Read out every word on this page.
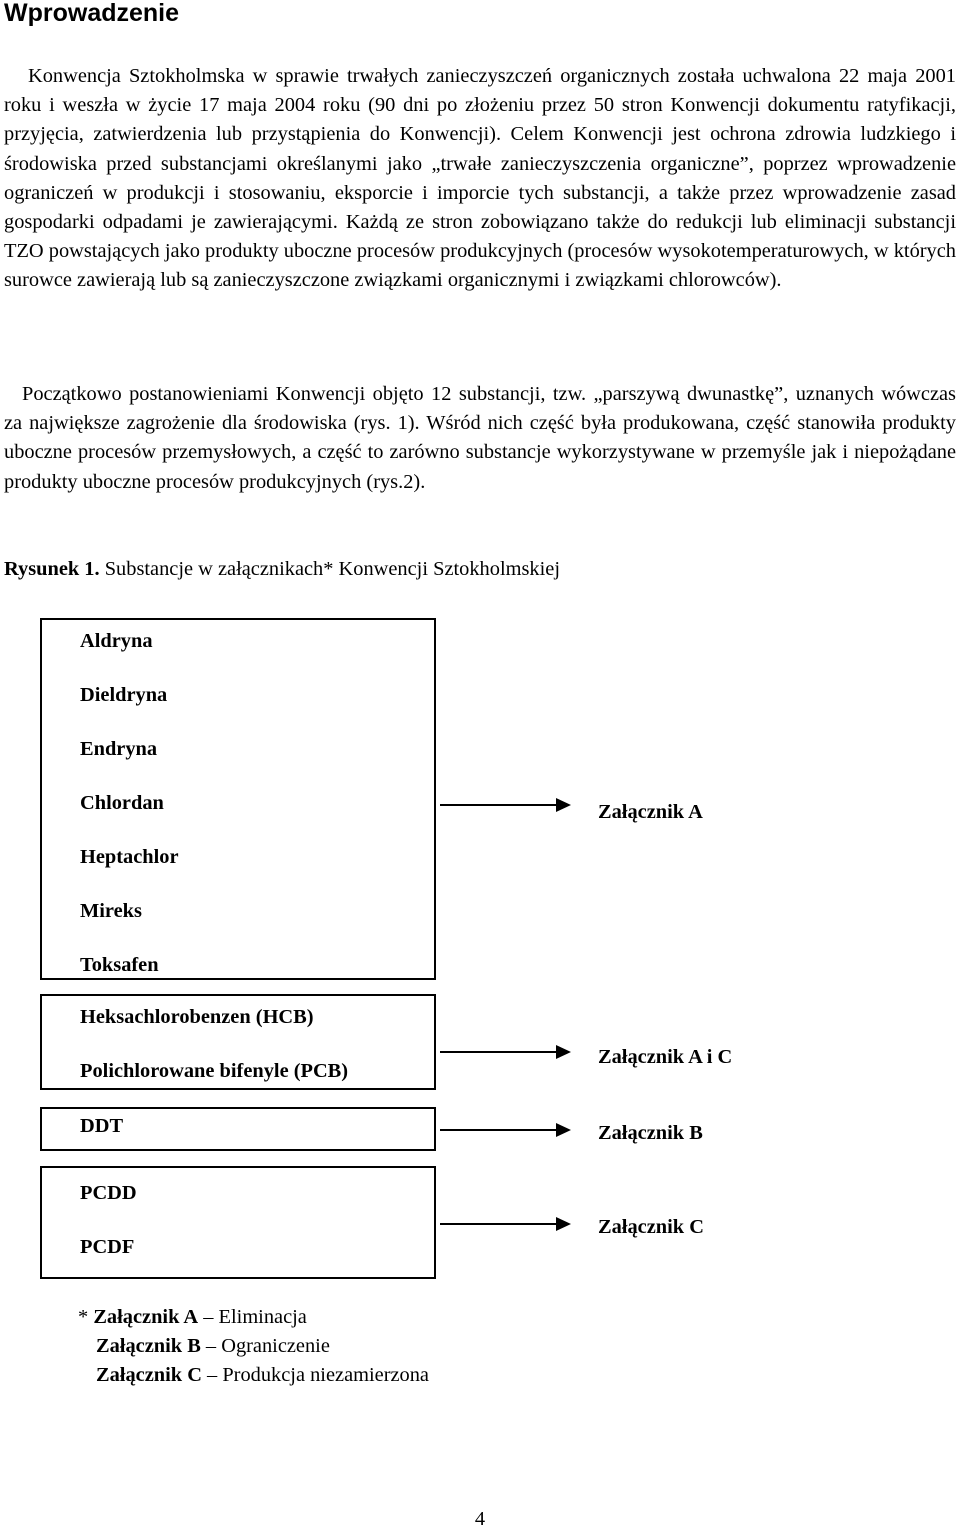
Wprowadzenie

Konwencja Sztokholmska w sprawie trwałych zanieczyszczeń organicznych została uchwalona 22 maja 2001 roku i weszła w życie 17 maja 2004 roku (90 dni po złożeniu przez 50 stron Konwencji dokumentu ratyfikacji, przyjęcia, zatwierdzenia lub przystąpienia do Konwencji). Celem Konwencji jest ochrona zdrowia ludzkiego i środowiska przed substancjami określanymi jako „trwałe zanieczyszczenia organiczne”, poprzez wprowadzenie ograniczeń w produkcji i stosowaniu, eksporcie i imporcie tych substancji, a także przez wprowadzenie zasad gospodarki odpadami je zawierającymi. Każdą ze stron zobowiązano także do redukcji lub eliminacji substancji TZO powstających jako produkty uboczne procesów produkcyjnych (procesów wysokotemperaturowych, w których surowce zawierają lub są zanieczyszczone związkami organicznymi i związkami chlorowców).

Początkowo postanowieniami Konwencji objęto 12 substancji, tzw. „parszywą dwunastkę”, uznanych wówczas za największe zagrożenie dla środowiska (rys. 1). Wśród nich część była produkowana, część stanowiła produkty uboczne procesów przemysłowych, a część to zarówno substancje wykorzystywane w przemyśle jak i niepożądane produkty uboczne procesów produkcyjnych (rys.2).

Rysunek 1. Substancje w załącznikach* Konwencji Sztokholmskiej

Aldryna
Dieldryna
Endryna
Chlordan
Heptachlor
Mireks
Toksafen
Heksachlorobenzen (HCB)
Polichlorowane bifenyle (PCB)
DDT
PCDD
PCDF
Załącznik A
Załącznik A i C
Załącznik B
Załącznik C
* Załącznik A – Eliminacja
Załącznik B – Ograniczenie
Załącznik C – Produkcja niezamierzona
4
